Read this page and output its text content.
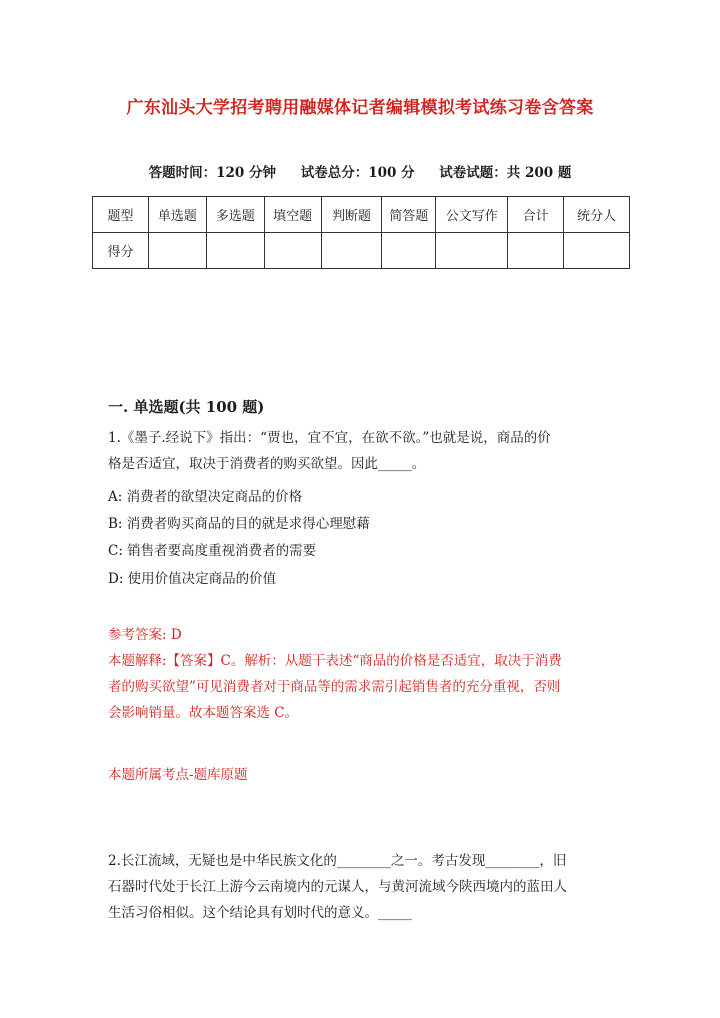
广东汕头大学招考聘用融媒体记者编辑模拟考试练习卷含答案
答题时间：120 分钟 试卷总分：100 分 试卷试题：共 200 题
题型	单选题	多选题	填空题	判断题	简答题	公文写作	合计	统分人
得分								
一. 单选题(共 100 题)
1.《墨子.经说下》指出：“贾也，宜不宜，在欲不欲。”也就是说，商品的价
格是否适宜，取决于消费者的购买欲望。因此_____。
A: 消费者的欲望决定商品的价格
B: 消费者购买商品的目的就是求得心理慰藉
C: 销售者要高度重视消费者的需要
D: 使用价值决定商品的价值
参考答案: D
本题解释:【答案】C。解析：从题干表述“商品的价格是否适宜，取决于消费
者的购买欲望”可见消费者对于商品等的需求需引起销售者的充分重视，否则
会影响销量。故本题答案选 C。
本题所属考点-题库原题
2.长江流域，无疑也是中华民族文化的________之一。考古发现________，旧
石器时代处于长江上游今云南境内的元谋人，与黄河流域今陕西境内的蓝田人
生活习俗相似。这个结论具有划时代的意义。_____
